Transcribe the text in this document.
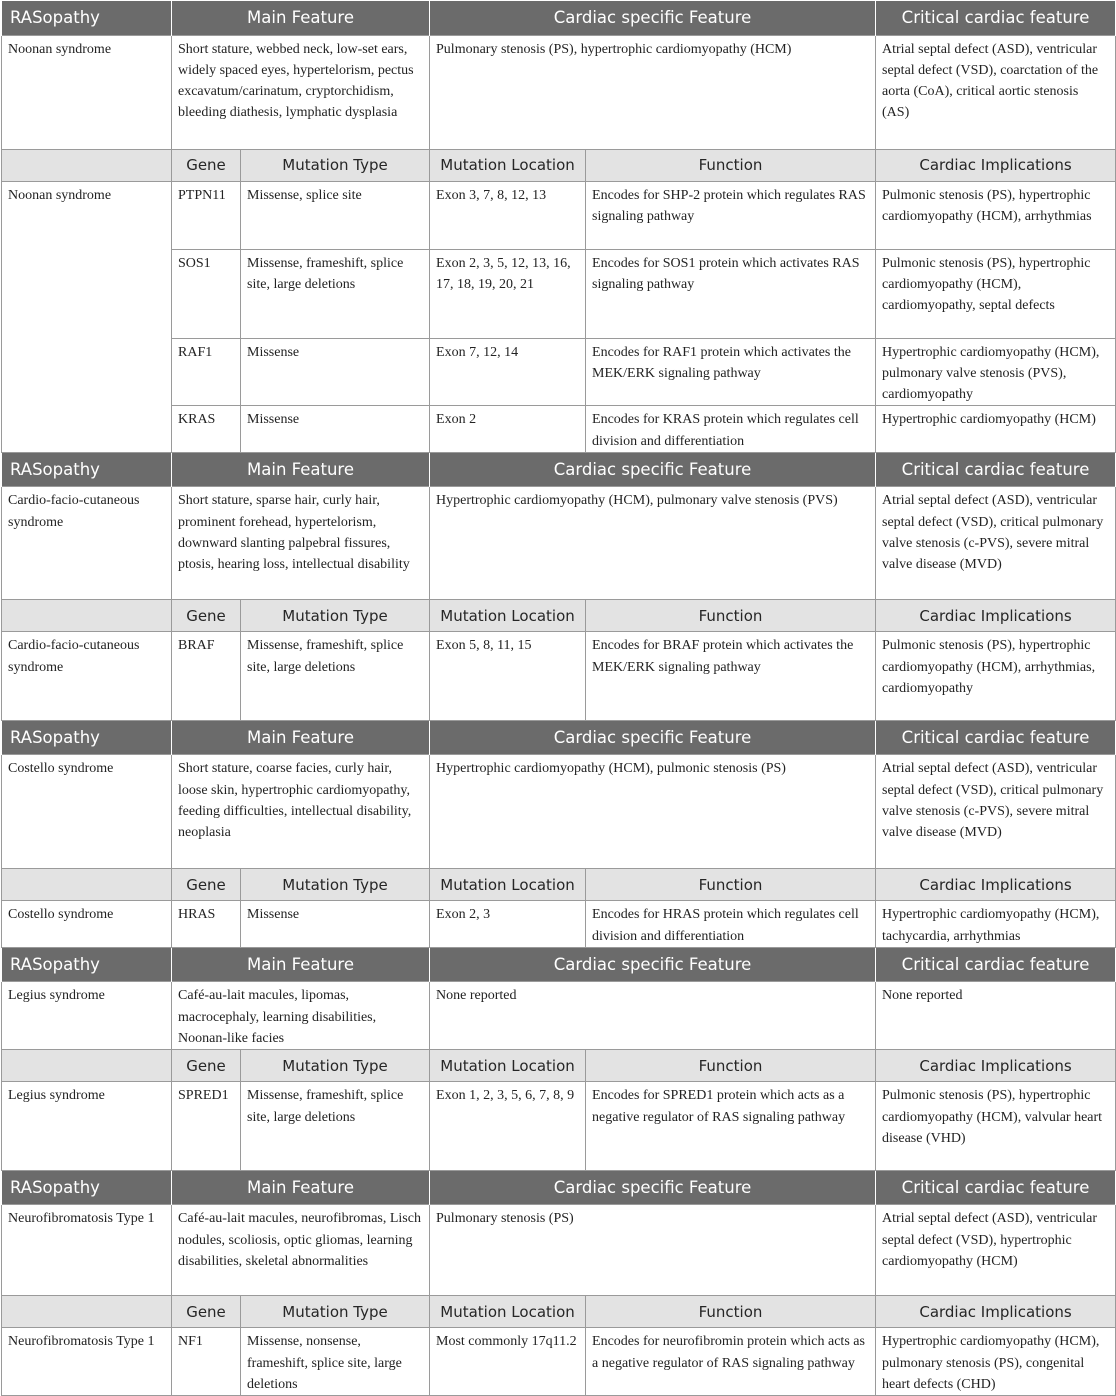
RASopathy	Main Feature		Cardiac specific Feature		Critical cardiac feature
Noonan syndrome	Short stature, webbed neck, low-set ears, widely spaced eyes, hypertelorism, pectus excavatum/carinatum, cryptorchidism, bleeding diathesis, lymphatic dysplasia		Pulmonary stenosis (PS), hypertrophic cardiomyopathy (HCM)		Atrial septal defect (ASD), ventricular septal defect (VSD), coarctation of the aorta (CoA), critical aortic stenosis (AS)
	Gene	Mutation Type	Mutation Location	Function	Cardiac Implications
Noonan syndrome	PTPN11	Missense, splice site	Exon 3, 7, 8, 12, 13	Encodes for SHP-2 protein which regulates RAS signaling pathway	Pulmonic stenosis (PS), hypertrophic cardiomyopathy (HCM), arrhythmias
	SOS1	Missense, frameshift, splice site, large deletions	Exon 2, 3, 5, 12, 13, 16, 17, 18, 19, 20, 21	Encodes for SOS1 protein which activates RAS signaling pathway	Pulmonic stenosis (PS), hypertrophic cardiomyopathy (HCM), cardiomyopathy, septal defects
	RAF1	Missense	Exon 7, 12, 14	Encodes for RAF1 protein which activates the MEK/ERK signaling pathway	Hypertrophic cardiomyopathy (HCM), pulmonary valve stenosis (PVS), cardiomyopathy
	KRAS	Missense	Exon 2	Encodes for KRAS protein which regulates cell division and differentiation	Hypertrophic cardiomyopathy (HCM)
RASopathy	Main Feature		Cardiac specific Feature		Critical cardiac feature
Cardio-facio-cutaneous syndrome	Short stature, sparse hair, curly hair, prominent forehead, hypertelorism, downward slanting palpebral fissures, ptosis, hearing loss, intellectual disability		Hypertrophic cardiomyopathy (HCM), pulmonary valve stenosis (PVS)		Atrial septal defect (ASD), ventricular septal defect (VSD), critical pulmonary valve stenosis (c-PVS), severe mitral valve disease (MVD)
	Gene	Mutation Type	Mutation Location	Function	Cardiac Implications
Cardio-facio-cutaneous syndrome	BRAF	Missense, frameshift, splice site, large deletions	Exon 5, 8, 11, 15	Encodes for BRAF protein which activates the MEK/ERK signaling pathway	Pulmonic stenosis (PS), hypertrophic cardiomyopathy (HCM), arrhythmias, cardiomyopathy
RASopathy	Main Feature		Cardiac specific Feature		Critical cardiac feature
Costello syndrome	Short stature, coarse facies, curly hair, loose skin, hypertrophic cardiomyopathy, feeding difficulties, intellectual disability, neoplasia		Hypertrophic cardiomyopathy (HCM), pulmonic stenosis (PS)		Atrial septal defect (ASD), ventricular septal defect (VSD), critical pulmonary valve stenosis (c-PVS), severe mitral valve disease (MVD)
	Gene	Mutation Type	Mutation Location	Function	Cardiac Implications
Costello syndrome	HRAS	Missense	Exon 2, 3	Encodes for HRAS protein which regulates cell division and differentiation	Hypertrophic cardiomyopathy (HCM), tachycardia, arrhythmias
RASopathy	Main Feature		Cardiac specific Feature		Critical cardiac feature
Legius syndrome	Café-au-lait macules, lipomas, macrocephaly, learning disabilities, Noonan-like facies		None reported		None reported
	Gene	Mutation Type	Mutation Location	Function	Cardiac Implications
Legius syndrome	SPRED1	Missense, frameshift, splice site, large deletions	Exon 1, 2, 3, 5, 6, 7, 8, 9	Encodes for SPRED1 protein which acts as a negative regulator of RAS signaling pathway	Pulmonic stenosis (PS), hypertrophic cardiomyopathy (HCM), valvular heart disease (VHD)
RASopathy	Main Feature		Cardiac specific Feature		Critical cardiac feature
Neurofibromatosis Type 1	Café-au-lait macules, neurofibromas, Lisch nodules, scoliosis, optic gliomas, learning disabilities, skeletal abnormalities		Pulmonary stenosis (PS)		Atrial septal defect (ASD), ventricular septal defect (VSD), hypertrophic cardiomyopathy (HCM)
	Gene	Mutation Type	Mutation Location	Function	Cardiac Implications
Neurofibromatosis Type 1	NF1	Missense, nonsense, frameshift, splice site, large deletions	Most commonly 17q11.2	Encodes for neurofibromin protein which acts as a negative regulator of RAS signaling pathway	Hypertrophic cardiomyopathy (HCM), pulmonary stenosis (PS), congenital heart defects (CHD)
